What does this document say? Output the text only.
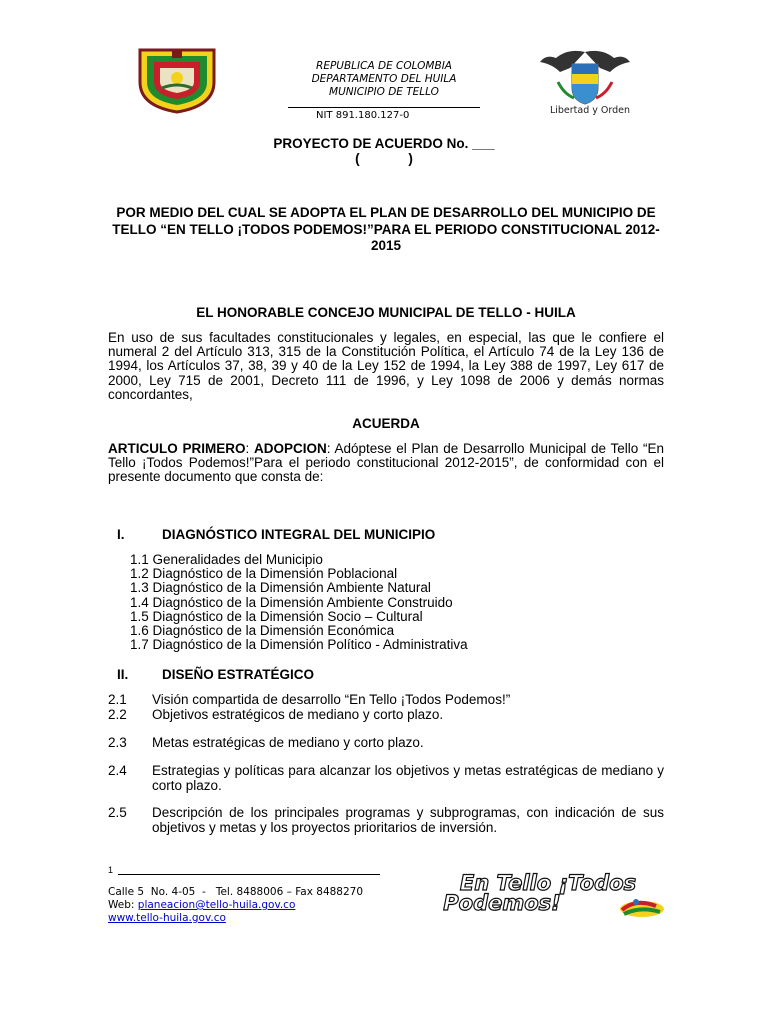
REPUBLICA DE COLOMBIA
DEPARTAMENTO DEL HUILA
MUNICIPIO DE TELLO
NIT 891.180.127-0	Libertad y Orden
PROYECTO DE ACUERDO No. ___
(             )
POR MEDIO DEL CUAL SE ADOPTA EL PLAN DE DESARROLLO DEL MUNICIPIO DE TELLO “EN TELLO ¡TODOS PODEMOS!”PARA EL PERIODO CONSTITUCIONAL 2012-2015
EL HONORABLE CONCEJO MUNICIPAL DE TELLO - HUILA
En uso de sus facultades constitucionales y legales, en especial, las que le confiere el numeral 2 del Artículo 313, 315 de la Constitución Política, el Artículo 74 de la Ley 136 de 1994, los Artículos 37, 38, 39 y 40 de la Ley 152 de 1994, la Ley 388 de 1997, Ley 617 de 2000, Ley 715 de 2001, Decreto 111 de 1996, y Ley 1098 de 2006 y demás normas concordantes,
ACUERDA
ARTICULO PRIMERO: ADOPCION: Adóptese el Plan de Desarrollo Municipal de Tello “En Tello ¡Todos Podemos!”Para el periodo constitucional 2012-2015”, de conformidad con el presente documento que consta de:
I.	DIAGNÓSTICO INTEGRAL DEL MUNICIPIO
1.1 Generalidades del Municipio
1.2 Diagnóstico de la Dimensión Poblacional
1.3 Diagnóstico de la Dimensión Ambiente Natural
1.4 Diagnóstico de la Dimensión Ambiente Construido
1.5 Diagnóstico de la Dimensión Socio – Cultural
1.6 Diagnóstico de la Dimensión Económica
1.7 Diagnóstico de la Dimensión Político - Administrativa
II. DISEÑO ESTRATÉGICO
2.1 Visión compartida de desarrollo “En Tello ¡Todos Podemos!”
2.2 Objetivos estratégicos de mediano y corto plazo.
2.3 Metas estratégicas de mediano y corto plazo.
2.4 Estrategias y políticas para alcanzar los objetivos y metas estratégicas de mediano y corto plazo.
2.5 Descripción de los principales programas y subprogramas, con indicación de sus objetivos y metas y los proyectos prioritarios de inversión.
1
Calle 5  No. 4-05  -   Tel. 8488006 – Fax 8488270
Web: planeacion@tello-huila.gov.co
www.tello-huila.gov.co
En Tello ¡Todos
Podemos!
